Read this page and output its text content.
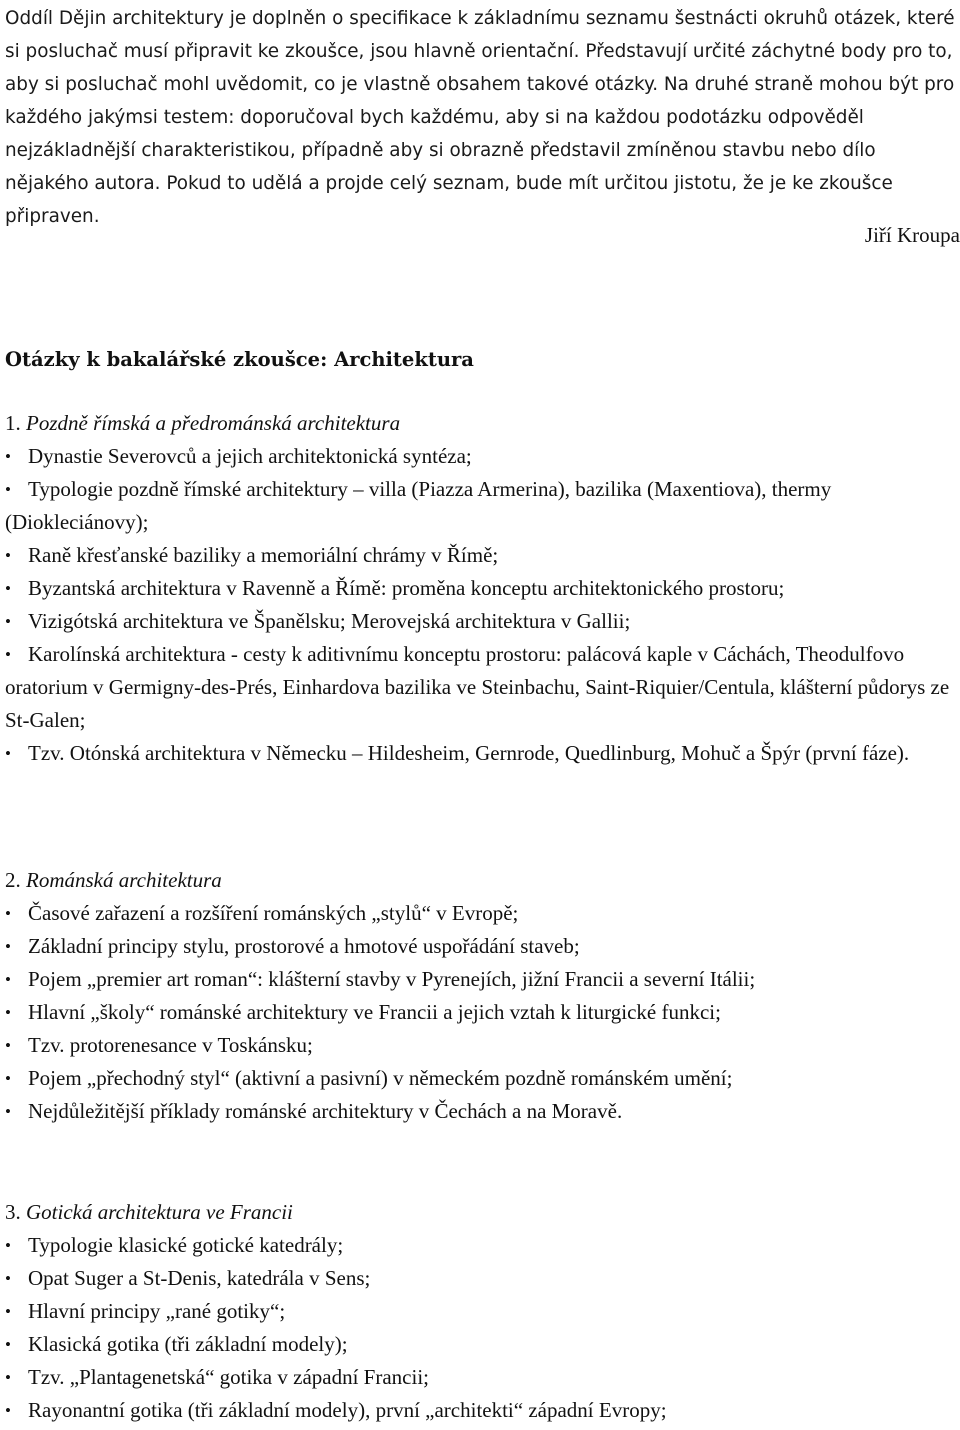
Oddíl Dějin architektury je doplněn o specifikace k základnímu seznamu šestnácti okruhů otázek, které si posluchač musí připravit ke zkoušce, jsou hlavně orientační. Představují určité záchytné body pro to, aby si posluchač mohl uvědomit, co je vlastně obsahem takové otázky. Na druhé straně mohou být pro každého jakýmsi testem: doporučoval bych každému, aby si na každou podotázku odpověděl nejzákladnější charakteristikou, případně aby si obrazně představil zmíněnou stavbu nebo dílo nějakého autora. Pokud to udělá a projde celý seznam, bude mít určitou jistotu, že je ke zkoušce připraven.

Jiří Kroupa
Otázky k bakalářské zkoušce: Architektura

1. Pozdně římská a předrománská architektura

• Dynastie Severovců a jejich architektonická syntéza;
• Typologie pozdně římské architektury – villa (Piazza Armerina), bazilika (Maxentiova), thermy (Diokleciánovy);
• Raně křesťanské baziliky a memoriální chrámy v Římě;
• Byzantská architektura v Ravenně a Římě: proměna konceptu architektonického prostoru;
• Vizigótská architektura ve Španělsku; Merovejská architektura v Gallii;
• Karolínská architektura - cesty k aditivnímu konceptu prostoru: palácová kaple v Cáchách, Theodulfovo oratorium v Germigny-des-Prés, Einhardova bazilika ve Steinbachu, Saint-Riquier/Centula, klášterní půdorys ze St-Galen;
• Tzv. Otónská architektura v Německu – Hildesheim, Gernrode, Quedlinburg, Mohuč a Špýr (první fáze).

2. Románská architektura

• Časové zařazení a rozšíření románských „stylů“ v Evropě;
• Základní principy stylu, prostorové a hmotové uspořádání staveb;
• Pojem „premier art roman“: klášterní stavby v Pyrenejích, jižní Francii a severní Itálii;
• Hlavní „školy“ románské architektury ve Francii a jejich vztah k liturgické funkci;
• Tzv. protorenesance v Toskánsku;
• Pojem „přechodný styl“ (aktivní a pasivní) v německém pozdně románském umění;
• Nejdůležitější příklady románské architektury v Čechách a na Moravě.

3. Gotická architektura ve Francii

• Typologie klasické gotické katedrály;
• Opat Suger a St-Denis, katedrála v Sens;
• Hlavní principy „rané gotiky“;
• Klasická gotika (tři základní modely);
• Tzv. „Plantagenetská“ gotika v západní Francii;
• Rayonantní gotika (tři základní modely), první „architekti“ západní Evropy;
